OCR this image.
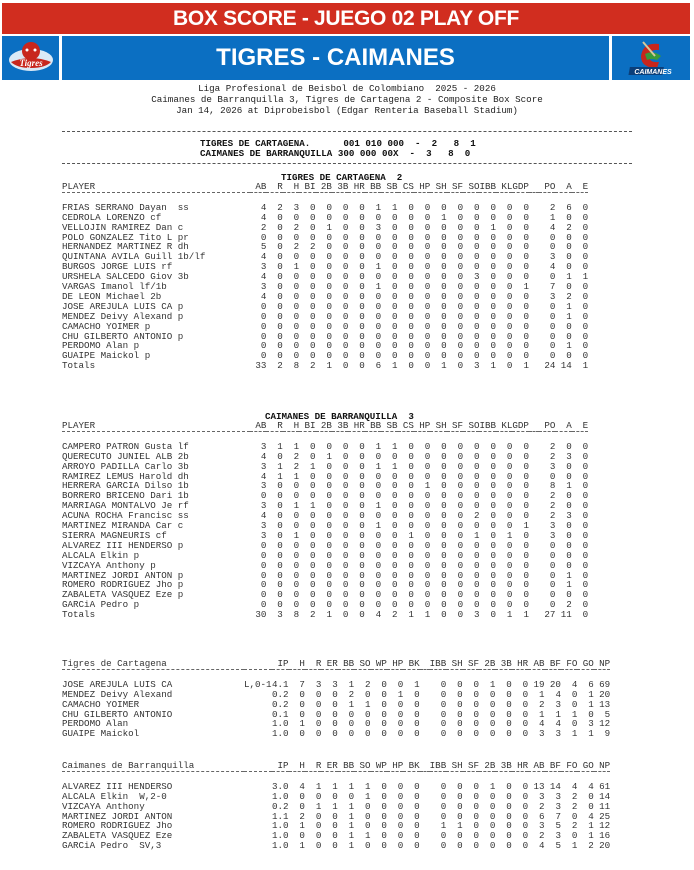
BOX SCORE - JUEGO 02 PLAY OFF
Tigres	TIGRES - CAIMANES
CAIMANES
Liga Profesional de Beisbol de Colombiano  2025 - 2026
Caimanes de Barranquilla 3, Tigres de Cartagena 2 - Composite Box Score
Jan 14, 2026 at Diprobeisbol (Edgar Renteria Baseball Stadium)
TIGRES DE CARTAGENA.      001 010 000 - 2 8 1
CAIMANES DE BARRANQUILLA 300 000 00X - 3 8 0
TIGRES DE CARTAGENA  2
PLAYER	AB	R	H	BI	2B	3B	HR	BB	SB	CS	HP	SH	SF	SO	IBB	KL	GDP		PO	A	E

FRIAS SERRANO Dayan  ss	4	2	3	0	0	0	0	1	1	0	0	0	0	0	0	0	0		2	6	0
CEDROLA LORENZO cf	4	0	0	0	0	0	0	0	0	0	0	1	0	0	0	0	0		1	0	0
VELLOJIN RAMIREZ Dan c	2	0	2	0	1	0	0	3	0	0	0	0	0	0	1	0	0		4	2	0
POLO GONZALEZ Tito L pr	0	0	0	0	0	0	0	0	0	0	0	0	0	0	0	0	0		0	0	0
HERNANDEZ MARTINEZ R dh	5	0	2	2	0	0	0	0	0	0	0	0	0	0	0	0	0		0	0	0
QUINTANA AVILA Guill 1b/lf	4	0	0	0	0	0	0	0	0	0	0	0	0	0	0	0	0		3	0	0
BURGOS JORGE LUIS rf	3	0	1	0	0	0	0	1	0	0	0	0	0	0	0	0	0		4	0	0
URSHELA SALCEDO Giov 3b	4	0	0	0	0	0	0	0	0	0	0	0	0	3	0	0	0		0	1	1
VARGAS Imanol lf/1b	3	0	0	0	0	0	0	1	0	0	0	0	0	0	0	0	1		7	0	0
DE LEON Michael 2b	4	0	0	0	0	0	0	0	0	0	0	0	0	0	0	0	0		3	2	0
JOSE AREJULA LUIS CA p	0	0	0	0	0	0	0	0	0	0	0	0	0	0	0	0	0		0	1	0
MENDEZ Deivy Alexand p	0	0	0	0	0	0	0	0	0	0	0	0	0	0	0	0	0		0	1	0
CAMACHO YOIMER p	0	0	0	0	0	0	0	0	0	0	0	0	0	0	0	0	0		0	0	0
CHU GILBERTO ANTONIO p	0	0	0	0	0	0	0	0	0	0	0	0	0	0	0	0	0		0	0	0
PERDOMO Alan p	0	0	0	0	0	0	0	0	0	0	0	0	0	0	0	0	0		0	1	0
GUAIPE Maickol p	0	0	0	0	0	0	0	0	0	0	0	0	0	0	0	0	0		0	0	0
Totals	33	2	8	2	1	0	0	6	1	0	0	1	0	3	1	0	1		24	14	1
CAIMANES DE BARRANQUILLA  3
PLAYER	AB	R	H	BI	2B	3B	HR	BB	SB	CS	HP	SH	SF	SO	IBB	KL	GDP		PO	A	E

CAMPERO PATRON Gusta lf	3	1	1	0	0	0	0	1	1	0	0	0	0	0	0	0	0		2	0	0
QUERECUTO JUNIEL ALB 2b	4	0	2	0	1	0	0	0	0	0	0	0	0	0	0	0	0		2	3	0
ARROYO PADILLA Carlo 3b	3	1	2	1	0	0	0	1	1	0	0	0	0	0	0	0	0		3	0	0
RAMIREZ LEMUS Harold dh	4	1	1	0	0	0	0	0	0	0	0	0	0	0	0	0	0		0	0	0
HERRERA GARCIA Dilso 1b	3	0	0	0	0	0	0	0	0	0	1	0	0	0	0	0	0		8	1	0
BORRERO BRICENO Dari 1b	0	0	0	0	0	0	0	0	0	0	0	0	0	0	0	0	0		2	0	0
MARRIAGA MONTALVO Je rf	3	0	1	1	0	0	0	1	0	0	0	0	0	0	0	0	0		2	0	0
ACUNA ROCHA Francisc ss	4	0	0	0	0	0	0	0	0	0	0	0	0	2	0	0	0		2	3	0
MARTINEZ MIRANDA Car c	3	0	0	0	0	0	0	1	0	0	0	0	0	0	0	0	1		3	0	0
SIERRA MAGNEURIS cf	3	0	1	0	0	0	0	0	0	1	0	0	0	1	0	1	0		3	0	0
ALVAREZ III HENDERSO p	0	0	0	0	0	0	0	0	0	0	0	0	0	0	0	0	0		0	0	0
ALCALA Elkin p	0	0	0	0	0	0	0	0	0	0	0	0	0	0	0	0	0		0	0	0
VIZCAYA Anthony p	0	0	0	0	0	0	0	0	0	0	0	0	0	0	0	0	0		0	0	0
MARTINEZ JORDI ANTON p	0	0	0	0	0	0	0	0	0	0	0	0	0	0	0	0	0		0	1	0
ROMERO RODRIGUEZ Jho p	0	0	0	0	0	0	0	0	0	0	0	0	0	0	0	0	0		0	1	0
ZABALETA VASQUEZ Eze p	0	0	0	0	0	0	0	0	0	0	0	0	0	0	0	0	0		0	0	0
GARCiA Pedro p	0	0	0	0	0	0	0	0	0	0	0	0	0	0	0	0	0		0	2	0
Totals	30	3	8	2	1	0	0	4	2	1	1	0	0	3	0	1	1		27	11	0
Tigres de Cartagena		IP	H	R	ER	BB	SO	WP	HP	BK		IBB	SH	SF	2B	3B	HR	AB	BF	FO	GO	NP

JOSE AREJULA LUIS CA	L,0-1	4.1	7	3	3	1	2	0	0	1		0	0	0	1	0	0	19	20	4	6	69
MENDEZ Deivy Alexand		0.2	0	0	0	2	0	0	1	0		0	0	0	0	0	0	1	4	0	1	20
CAMACHO YOIMER		0.2	0	0	0	1	1	0	0	0		0	0	0	0	0	0	2	3	0	1	13
CHU GILBERTO ANTONIO		0.1	0	0	0	0	0	0	0	0		0	0	0	0	0	0	1	1	1	0	5
PERDOMO Alan		1.0	1	0	0	0	0	0	0	0		0	0	0	0	0	0	4	4	0	3	12
GUAIPE Maickol		1.0	0	0	0	0	0	0	0	0		0	0	0	0	0	0	3	3	1	1	9
Caimanes de Barranquilla		IP	H	R	ER	BB	SO	WP	HP	BK		IBB	SH	SF	2B	3B	HR	AB	BF	FO	GO	NP

ALVAREZ III HENDERSO		3.0	4	1	1	1	1	0	0	0		0	0	0	1	0	0	13	14	4	4	61
ALCALA Elkin  W,2-0		1.0	0	0	0	0	1	0	0	0		0	0	0	0	0	0	3	3	2	0	14
VIZCAYA Anthony		0.2	0	1	1	1	0	0	0	0		0	0	0	0	0	0	2	3	2	0	11
MARTINEZ JORDI ANTON		1.1	2	0	0	1	0	0	0	0		0	0	0	0	0	0	6	7	0	4	25
ROMERO RODRIGUEZ Jho		1.0	1	0	0	1	0	0	0	0		1	1	0	0	0	0	3	5	2	1	12
ZABALETA VASQUEZ Eze		1.0	0	0	0	1	1	0	0	0		0	0	0	0	0	0	2	3	0	1	16
GARCiA Pedro  SV,3		1.0	1	0	0	1	0	0	0	0		0	0	0	0	0	0	4	5	1	2	20
